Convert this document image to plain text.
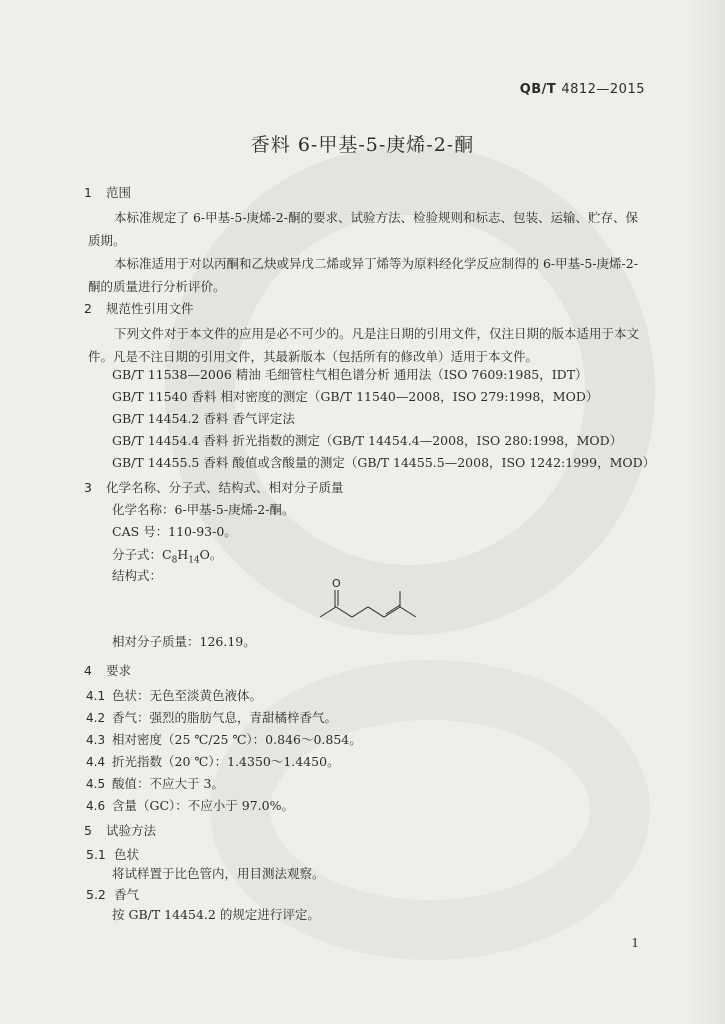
QB/T 4812—2015
香料 6-甲基-5-庚烯-2-酮
1 范围
本标准规定了 6-甲基-5-庚烯-2-酮的要求、试验方法、检验规则和标志、包装、运输、贮存、保质期。
本标准适用于对以丙酮和乙炔或异戊二烯或异丁烯等为原料经化学反应制得的 6-甲基-5-庚烯-2-酮的质量进行分析评价。
2 规范性引用文件
下列文件对于本文件的应用是必不可少的。凡是注日期的引用文件，仅注日期的版本适用于本文件。凡是不注日期的引用文件，其最新版本（包括所有的修改单）适用于本文件。
GB/T 11538—2006 精油 毛细管柱气相色谱分析 通用法（ISO 7609:1985，IDT）
GB/T 11540 香料 相对密度的测定（GB/T 11540—2008，ISO 279:1998，MOD）
GB/T 14454.2 香料 香气评定法
GB/T 14454.4 香料 折光指数的测定（GB/T 14454.4—2008，ISO 280:1998，MOD）
GB/T 14455.5 香料 酸值或含酸量的测定（GB/T 14455.5—2008，ISO 1242:1999，MOD）
3 化学名称、分子式、结构式、相对分子质量
化学名称：6-甲基-5-庚烯-2-酮。
CAS 号：110-93-0。
分子式：$C_8H_{14}O$。
结构式：
O
相对分子质量：126.19。
4 要求
4.1 色状：无色至淡黄色液体。
4.2 香气：强烈的脂肪气息，青甜橘梓香气。
4.3 相对密度（25 ℃/25 ℃）：0.846～0.854。
4.4 折光指数（20 ℃）：1.4350～1.4450。
4.5 酸值：不应大于 3。
4.6 含量（GC）：不应小于 97.0%。
5 试验方法
5.1 色状
将试样置于比色管内，用目测法观察。
5.2 香气
按 GB/T 14454.2 的规定进行评定。
1
